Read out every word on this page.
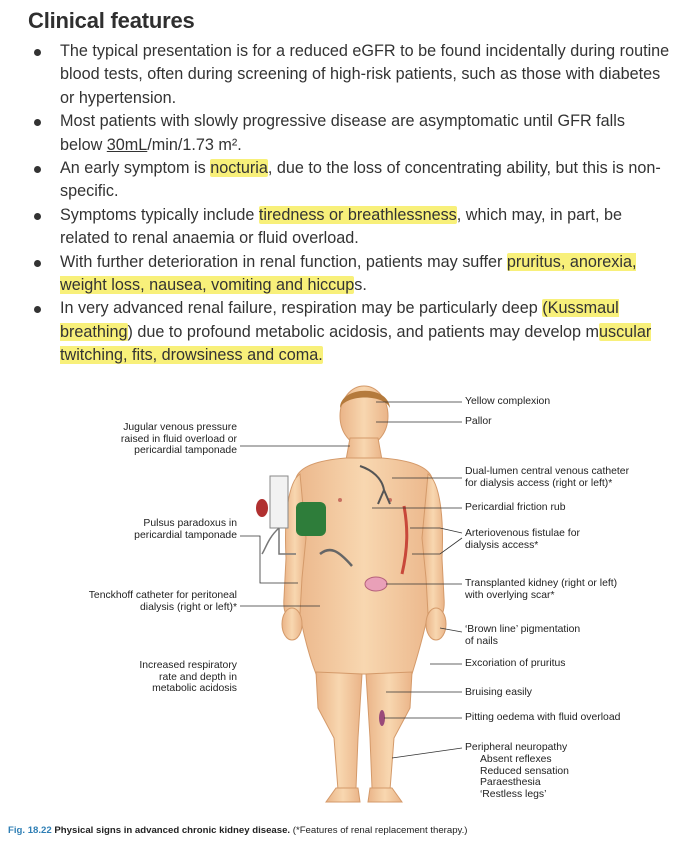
Clinical features
The typical presentation is for a reduced eGFR to be found incidentally during routine blood tests, often during screening of high-risk patients, such as those with diabetes or hypertension.
Most patients with slowly progressive disease are asymptomatic until GFR falls below 30mL/min/1.73 m².
An early symptom is nocturia, due to the loss of concentrating ability, but this is non-specific.
Symptoms typically include tiredness or breathlessness, which may, in part, be related to renal anaemia or fluid overload.
With further deterioration in renal function, patients may suffer pruritus, anorexia, weight loss, nausea, vomiting and hiccups.
In very advanced renal failure, respiration may be particularly deep (Kussmaul breathing) due to profound metabolic acidosis, and patients may develop muscular twitching, fits, drowsiness and coma.
Yellow complexion
Pallor
Dual-lumen central venous catheter
for dialysis access (right or left)*
Pericardial friction rub
Arteriovenous fistulae for
dialysis access*
Transplanted kidney (right or left)
with overlying scar*
‘Brown line’ pigmentation
of nails
Excoriation of pruritus
Bruising easily
Pitting oedema with fluid overload
Peripheral neuropathy
Absent reflexes
Reduced sensation
Paraesthesia
‘Restless legs’
Jugular venous pressure
raised in fluid overload or
pericardial tamponade
Pulsus paradoxus in
pericardial tamponade
Tenckhoff catheter for peritoneal
dialysis (right or left)*
Increased respiratory
rate and depth in
metabolic acidosis
Fig. 18.22 Physical signs in advanced chronic kidney disease. (*Features of renal replacement therapy.)
